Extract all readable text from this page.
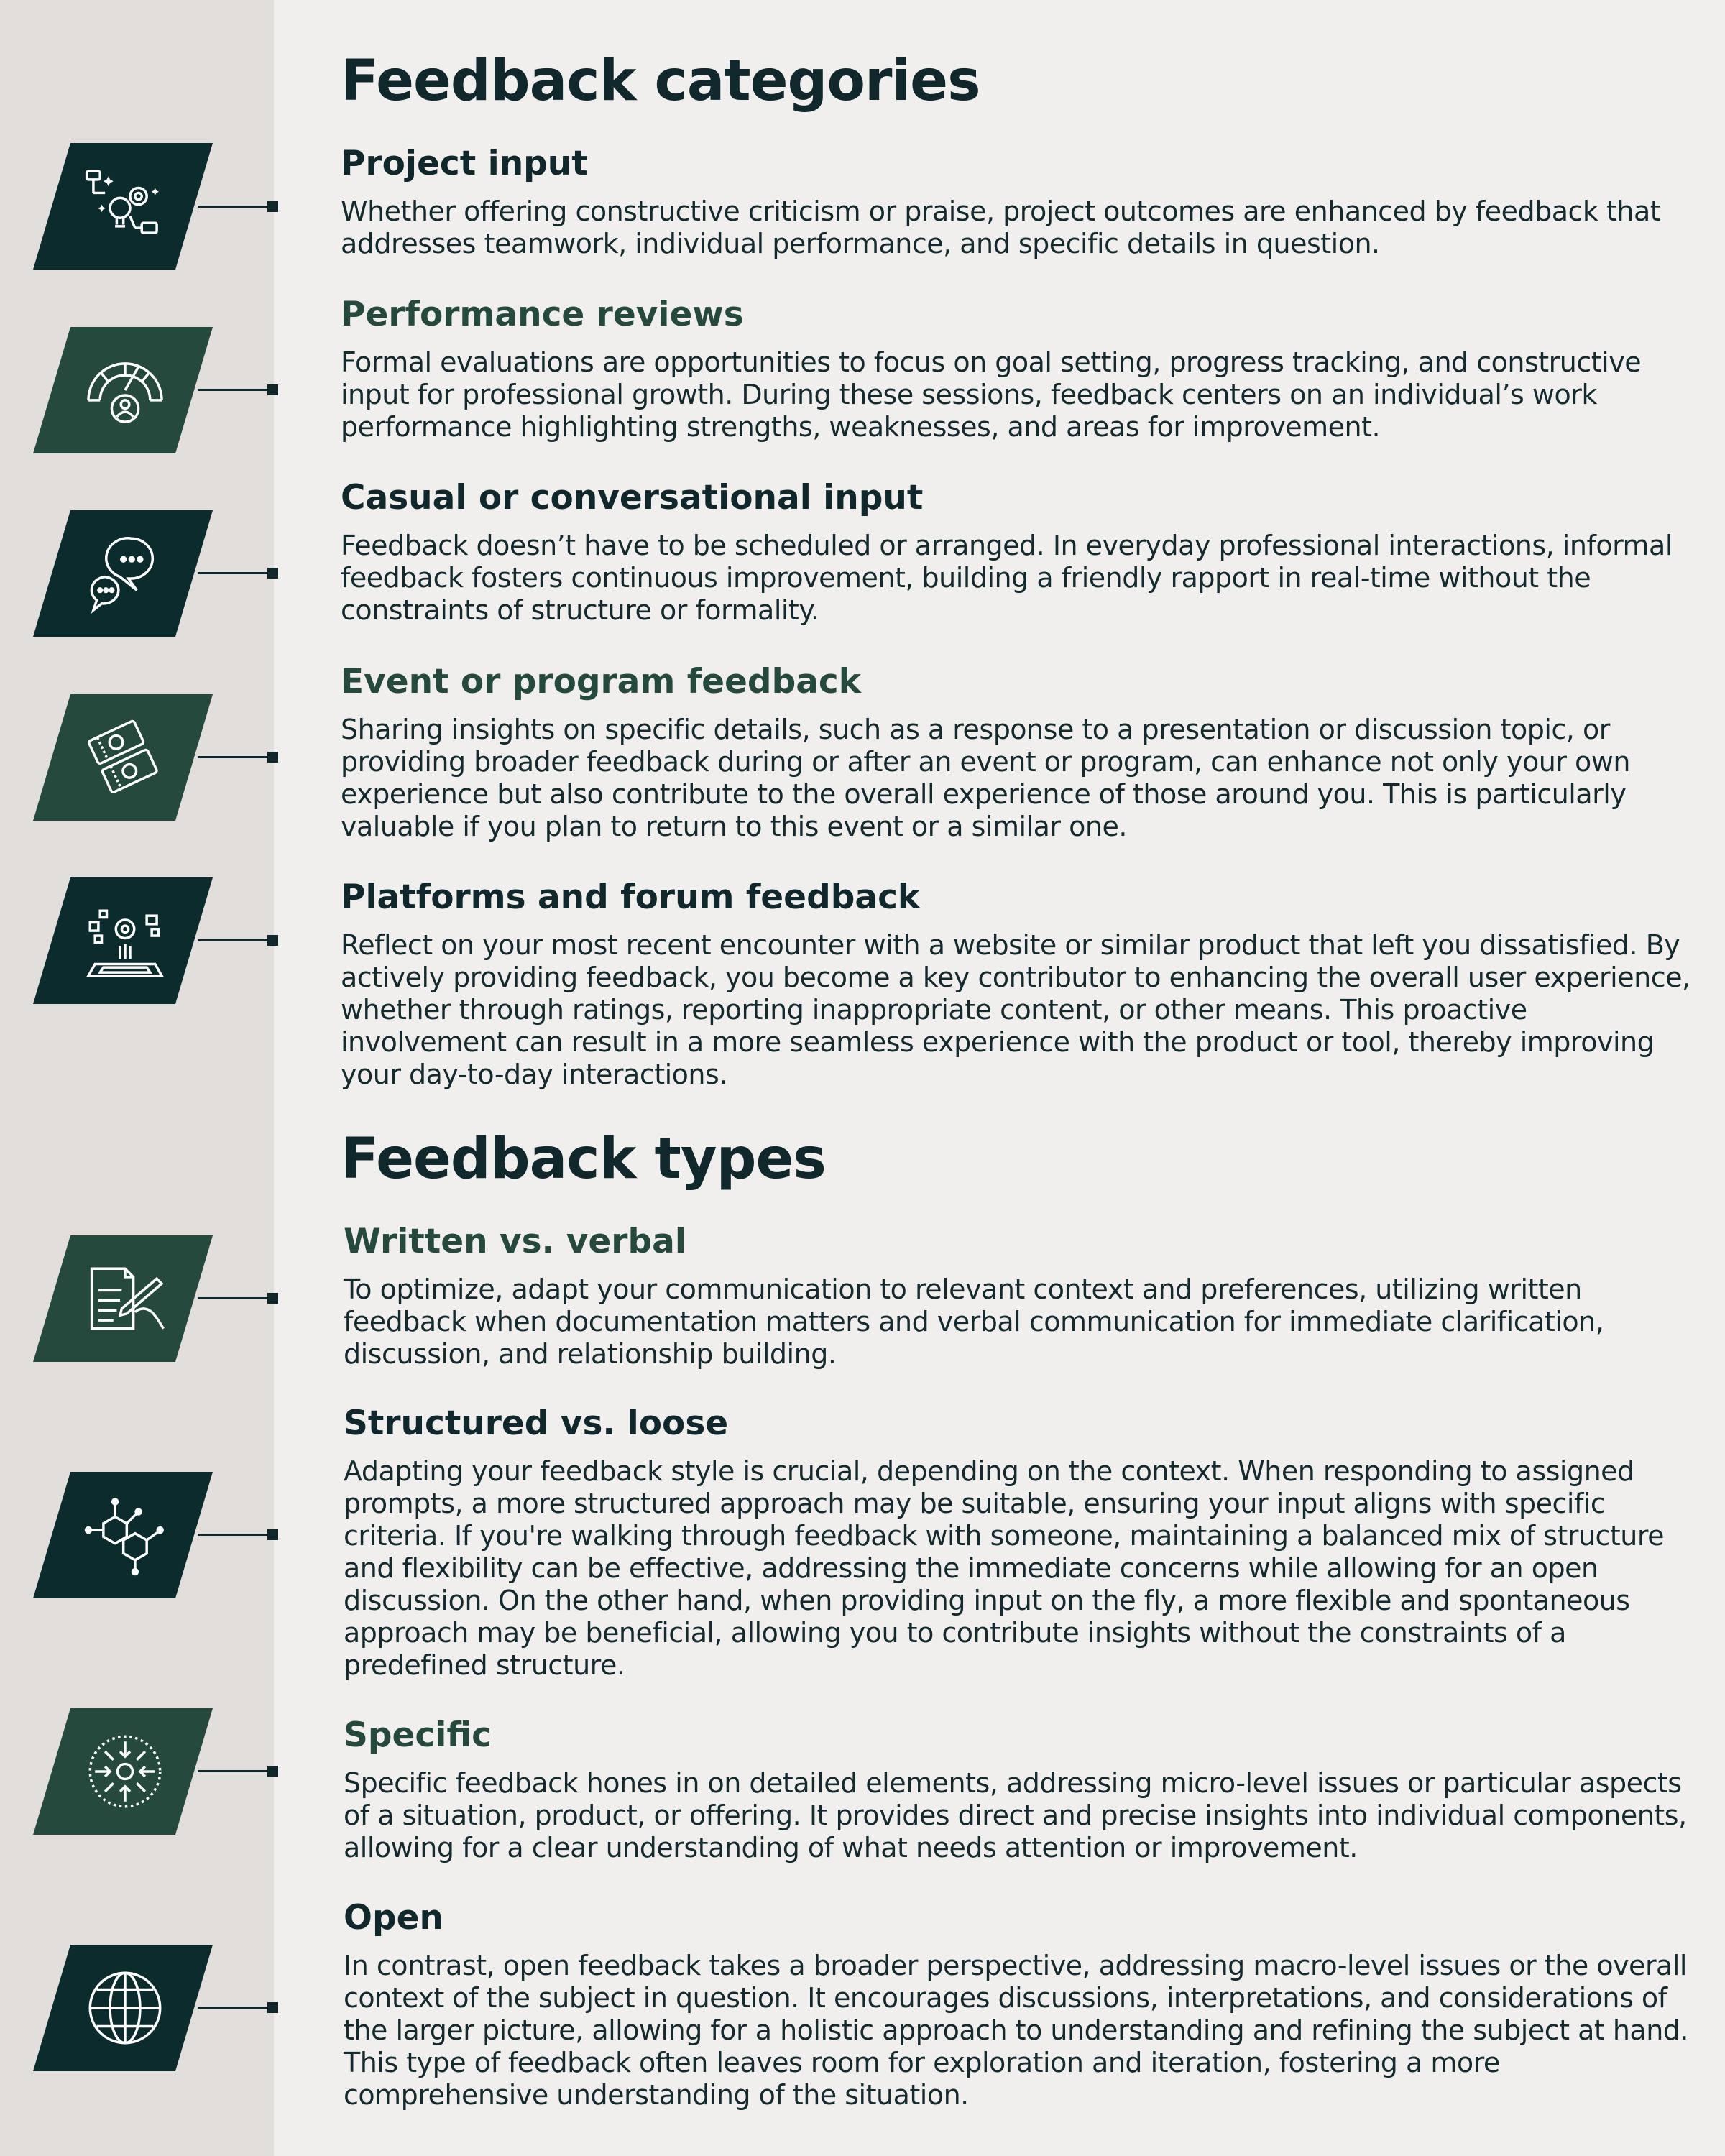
Feedback categories
Project input

Whether offering constructive criticism or praise, project outcomes are enhanced by feedback that addresses teamwork, individual performance, and specific details in question.

Performance reviews

Formal evaluations are opportunities to focus on goal setting, progress tracking, and constructive input for professional growth. During these sessions, feedback centers on an individual’s work performance highlighting strengths, weaknesses, and areas for improvement.

Casual or conversational input

Feedback doesn’t have to be scheduled or arranged. In everyday professional interactions, informal feedback fosters continuous improvement, building a friendly rapport in real-time without the constraints of structure or formality.

Event or program feedback

Sharing insights on specific details, such as a response to a presentation or discussion topic, or providing broader feedback during or after an event or program, can enhance not only your own experience but also contribute to the overall experience of those around you. This is particularly valuable if you plan to return to this event or a similar one.

Platforms and forum feedback

Reflect on your most recent encounter with a website or similar product that left you dissatisfied. By actively providing feedback, you become a key contributor to enhancing the overall user experience, whether through ratings, reporting inappropriate content, or other means. This proactive involvement can result in a more seamless experience with the product or tool, thereby improving your day-to-day interactions.

Feedback types
Written vs. verbal

To optimize, adapt your communication to relevant context and preferences, utilizing written feedback when documentation matters and verbal communication for immediate clarification, discussion, and relationship building.

Structured vs. loose

Adapting your feedback style is crucial, depending on the context. When responding to assigned prompts, a more structured approach may be suitable, ensuring your input aligns with specific criteria. If you're walking through feedback with someone, maintaining a balanced mix of structure and flexibility can be effective, addressing the immediate concerns while allowing for an open discussion. On the other hand, when providing input on the fly, a more flexible and spontaneous approach may be beneficial, allowing you to contribute insights without the constraints of a predefined structure.

Specific

Specific feedback hones in on detailed elements, addressing micro-level issues or particular aspects of a situation, product, or offering. It provides direct and precise insights into individual components, allowing for a clear understanding of what needs attention or improvement.

Open

In contrast, open feedback takes a broader perspective, addressing macro-level issues or the overall context of the subject in question. It encourages discussions, interpretations, and considerations of the larger picture, allowing for a holistic approach to understanding and refining the subject at hand. This type of feedback often leaves room for exploration and iteration, fostering a more comprehensive understanding of the situation.
